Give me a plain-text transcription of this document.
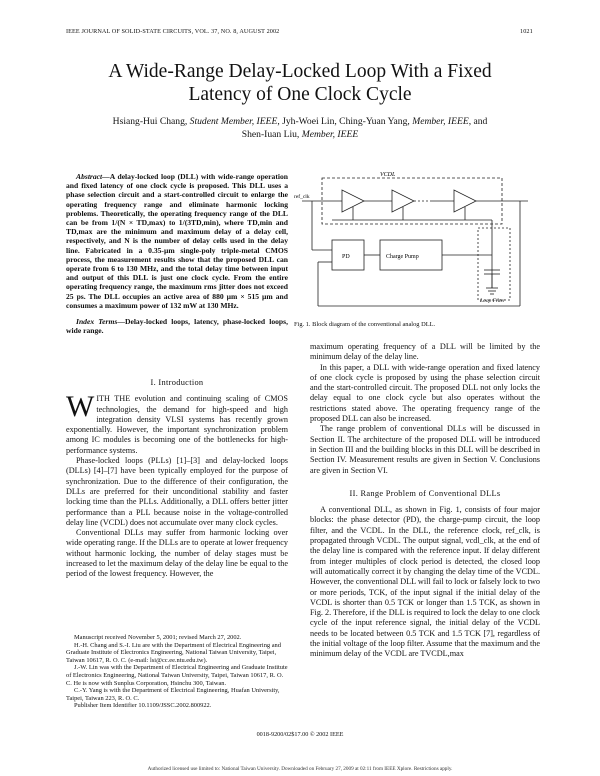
IEEE JOURNAL OF SOLID-STATE CIRCUITS, VOL. 37, NO. 8, AUGUST 2002	1021
A Wide-Range Delay-Locked Loop With a Fixed
Latency of One Clock Cycle
Hsiang-Hui Chang, Student Member, IEEE, Jyh-Woei Lin, Ching-Yuan Yang, Member, IEEE, and
Shen-Iuan Liu, Member, IEEE

Abstract—A delay-locked loop (DLL) with wide-range operation and fixed latency of one clock cycle is proposed. This DLL uses a phase selection circuit and a start-controlled circuit to enlarge the operating frequency range and eliminate harmonic locking problems. Theoretically, the operating frequency range of the DLL can be from 1/(N × TD,max) to 1/(3TD,min), where TD,min and TD,max are the minimum and maximum delay of a delay cell, respectively, and N is the number of delay cells used in the delay line. Fabricated in a 0.35-µm single-poly triple-metal CMOS process, the measurement results show that the proposed DLL can operate from 6 to 130 MHz, and the total delay time between input and output of this DLL is just one clock cycle. From the entire operating frequency range, the maximum rms jitter does not exceed 25 ps. The DLL occupies an active area of 880 µm × 515 µm and consumes a maximum power of 132 mW at 130 MHz.

Index Terms—Delay-locked loops, latency, phase-locked loops, wide range.

I. Introduction

WITH THE evolution and continuing scaling of CMOS technologies, the demand for high-speed and high integration density VLSI systems has recently grown exponentially. However, the important synchronization problem among IC modules is becoming one of the bottlenecks for high-performance systems.

Phase-locked loops (PLLs) [1]–[3] and delay-locked loops (DLLs) [4]–[7] have been typically employed for the purpose of synchronization. Due to the difference of their configuration, the DLLs are preferred for their unconditional stability and faster locking time than the PLLs. Additionally, a DLL offers better jitter performance than a PLL because noise in the voltage-controlled delay line (VCDL) does not accumulate over many clock cycles.

Conventional DLLs may suffer from harmonic locking over wide operating range. If the DLLs are to operate at lower frequency without harmonic locking, the number of delay stages must be increased to let the maximum delay of the delay line be equal to the period of the lowest frequency. However, the

Manuscript received November 5, 2001; revised March 27, 2002.

H.-H. Chang and S.-I. Liu are with the Department of Electrical Engineering and Graduate Institute of Electronics Engineering, National Taiwan University, Taipei, Taiwan 10617, R. O. C. (e-mail: lsi@cc.ee.ntu.edu.tw).

J.-W. Lin was with the Department of Electrical Engineering and Graduate Institute of Electronics Engineering, National Taiwan University, Taipei, Taiwan 10617, R. O. C. He is now with Sunplus Corporation, Hsinchu 300, Taiwan.

C.-Y. Yang is with the Department of Electrical Engineering, Huafan University, Taipei, Taiwan 223, R. O. C.

Publisher Item Identifier 10.1109/JSSC.2002.800922.

VCDL
ref_clk
Charge Pump
PD
Loop Filter
Fig. 1. Block diagram of the conventional analog DLL.

maximum operating frequency of a DLL will be limited by the minimum delay of the delay line.

In this paper, a DLL with wide-range operation and fixed latency of one clock cycle is proposed by using the phase selection circuit and the start-controlled circuit. The proposed DLL not only locks the delay equal to one clock cycle but also operates without the restrictions stated above. The operating frequency range of the proposed DLL can also be increased.

The range problem of conventional DLLs will be discussed in Section II. The architecture of the proposed DLL will be introduced in Section III and the building blocks in this DLL will be described in Section IV. Measurement results are given in Section V. Conclusions are given in Section VI.

II. Range Problem of Conventional DLLs

A conventional DLL, as shown in Fig. 1, consists of four major blocks: the phase detector (PD), the charge-pump circuit, the loop filter, and the VCDL. In the DLL, the reference clock, ref_clk, is propagated through VCDL. The output signal, vcdl_clk, at the end of the delay line is compared with the reference input. If delay different from integer multiples of clock period is detected, the closed loop will automatically correct it by changing the delay time of the VCDL. However, the conventional DLL will fail to lock or falsely lock to two or more periods, TCK, of the input signal if the initial delay of the VCDL is shorter than 0.5 TCK or longer than 1.5 TCK, as shown in Fig. 2. Therefore, if the DLL is required to lock the delay to one clock cycle of the input reference signal, the initial delay of the VCDL needs to be located between 0.5 TCK and 1.5 TCK [7], regardless of the initial voltage of the loop filter. Assume that the maximum and the minimum delay of the VCDL are TVCDL,max

0018-9200/02$17.00 © 2002 IEEE
Authorized licensed use limited to: National Taiwan University. Downloaded on February 27, 2009 at 02:11 from IEEE Xplore. Restrictions apply.
